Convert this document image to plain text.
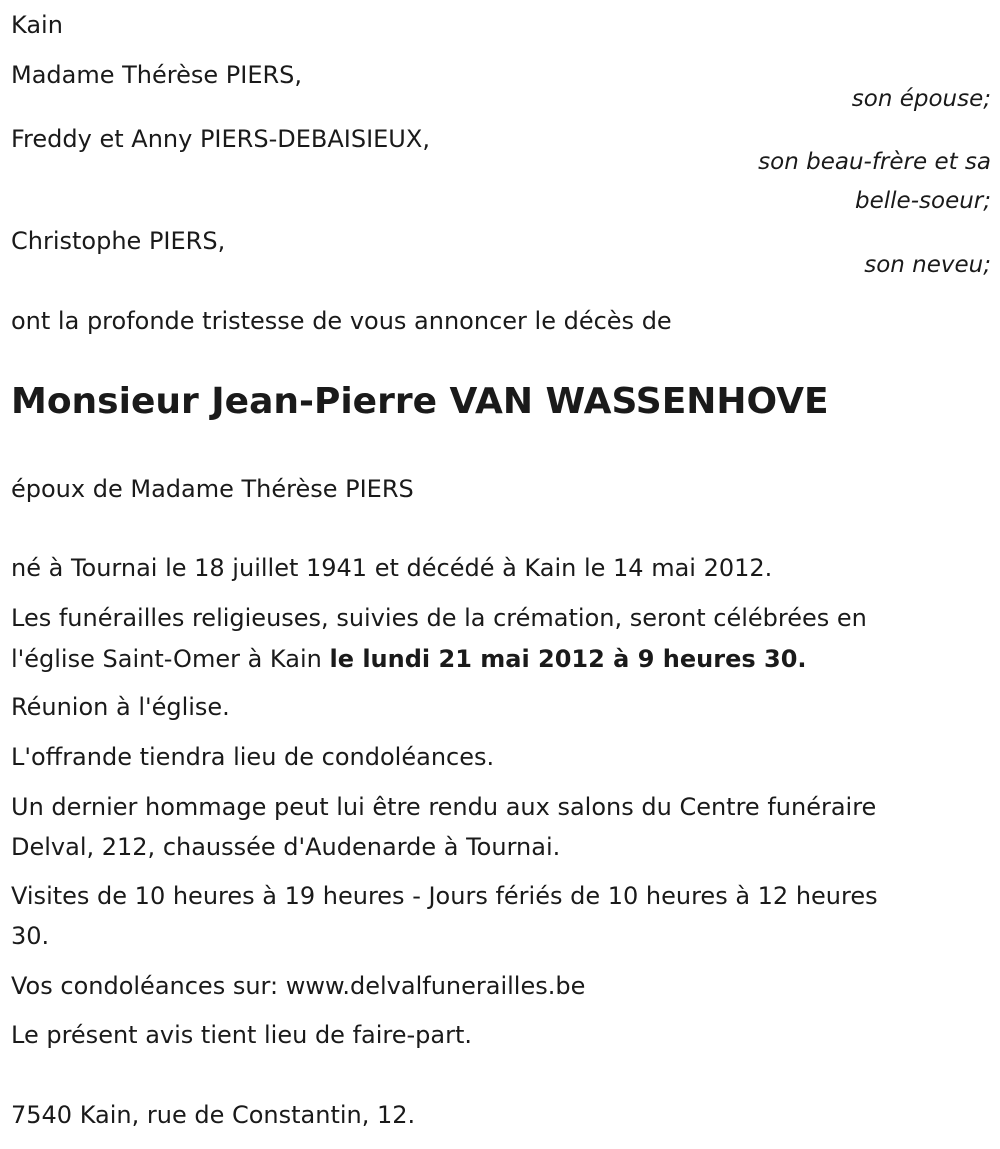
Kain
Madame Thérèse PIERS,
son épouse;
Freddy et Anny PIERS-DEBAISIEUX,
son beau-frère et sa
belle-soeur;
Christophe PIERS,
son neveu;
ont la profonde tristesse de vous annoncer le décès de
Monsieur Jean-Pierre VAN WASSENHOVE
époux de Madame Thérèse PIERS
né à Tournai le 18 juillet 1941 et décédé à Kain le 14 mai 2012.
Les funérailles religieuses, suivies de la crémation, seront célébrées en
l'église Saint-Omer à Kain le lundi 21 mai 2012 à 9 heures 30.
Réunion à l'église.
L'offrande tiendra lieu de condoléances.
Un dernier hommage peut lui être rendu aux salons du Centre funéraire
Delval, 212, chaussée d'Audenarde à Tournai.
Visites de 10 heures à 19 heures - Jours fériés de 10 heures à 12 heures
30.
Vos condoléances sur: www.delvalfunerailles.be
Le présent avis tient lieu de faire-part.
7540 Kain, rue de Constantin, 12.
